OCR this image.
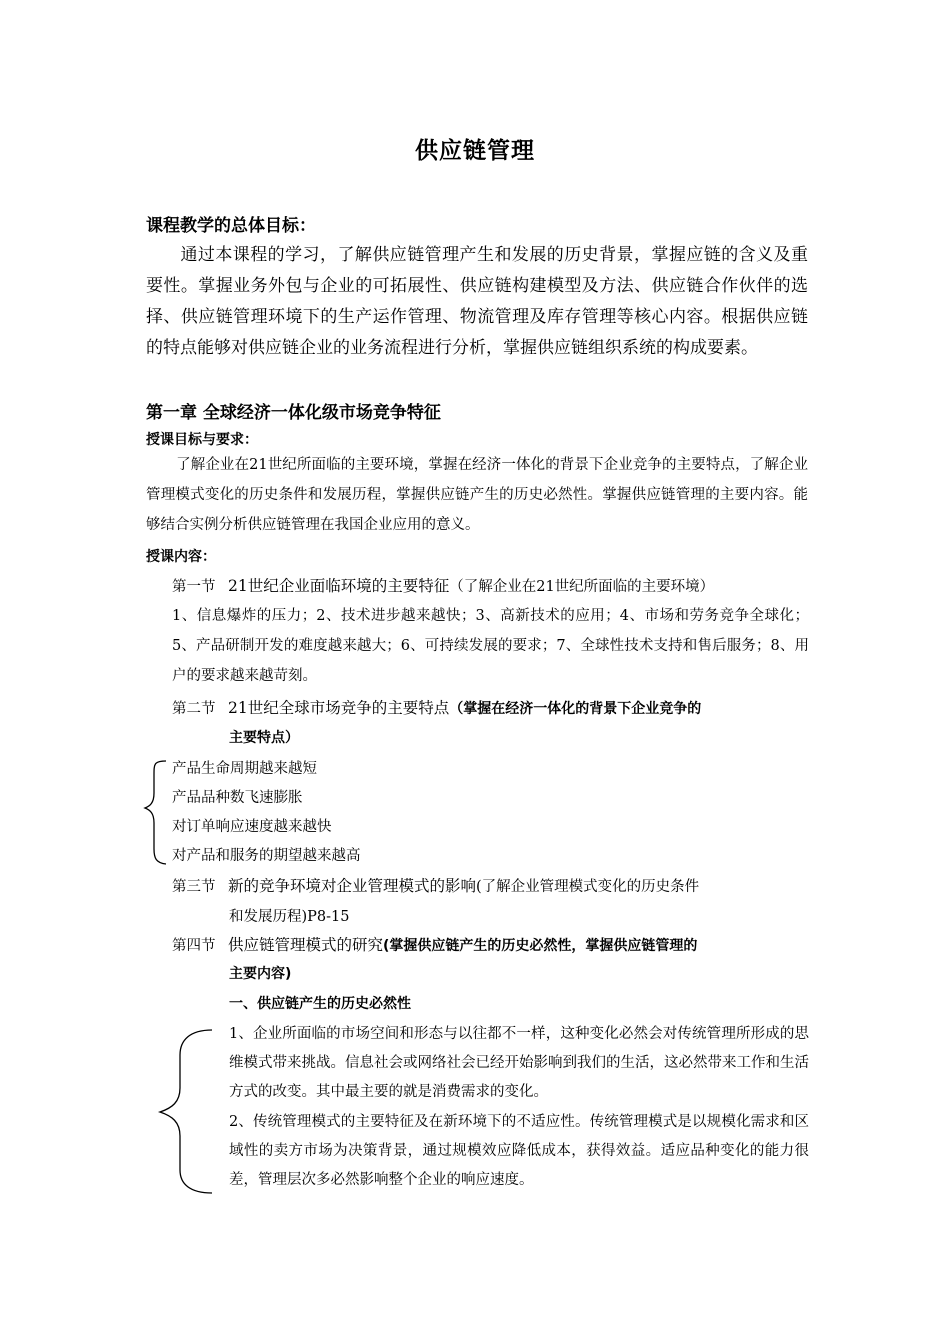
供应链管理
课程教学的总体目标：
通过本课程的学习，了解供应链管理产生和发展的历史背景，掌握应链的含义及重要性。掌握业务外包与企业的可拓展性、供应链构建模型及方法、供应链合作伙伴的选择、供应链管理环境下的生产运作管理、物流管理及库存管理等核心内容。根据供应链的特点能够对供应链企业的业务流程进行分析，掌握供应链组织系统的构成要素。
第一章 全球经济一体化级市场竞争特征
授课目标与要求：
了解企业在21世纪所面临的主要环境，掌握在经济一体化的背景下企业竞争的主要特点，了解企业管理模式变化的历史条件和发展历程，掌握供应链产生的历史必然性。掌握供应链管理的主要内容。能够结合实例分析供应链管理在我国企业应用的意义。
授课内容：
第一节 21世纪企业面临环境的主要特征（了解企业在21世纪所面临的主要环境）
1、信息爆炸的压力；2、技术进步越来越快；3、高新技术的应用；4、市场和劳务竞争全球化；5、产品研制开发的难度越来越大；6、可持续发展的要求；7、全球性技术支持和售后服务；8、用户的要求越来越苛刻。
第二节 21世纪全球市场竞争的主要特点（掌握在经济一体化的背景下企业竞争的
主要特点）
产品生命周期越来越短
产品品种数飞速膨胀
对订单响应速度越来越快
对产品和服务的期望越来越高
第三节 新的竞争环境对企业管理模式的影响(了解企业管理模式变化的历史条件
和发展历程)P8-15
第四节 供应链管理模式的研究(掌握供应链产生的历史必然性，掌握供应链管理的
主要内容)
一、供应链产生的历史必然性
1、企业所面临的市场空间和形态与以往都不一样，这种变化必然会对传统管理所形成的思维模式带来挑战。信息社会或网络社会已经开始影响到我们的生活，这必然带来工作和生活方式的改变。其中最主要的就是消费需求的变化。
2、传统管理模式的主要特征及在新环境下的不适应性。传统管理模式是以规模化需求和区域性的卖方市场为决策背景，通过规模效应降低成本，获得效益。适应品种变化的能力很差，管理层次多必然影响整个企业的响应速度。
